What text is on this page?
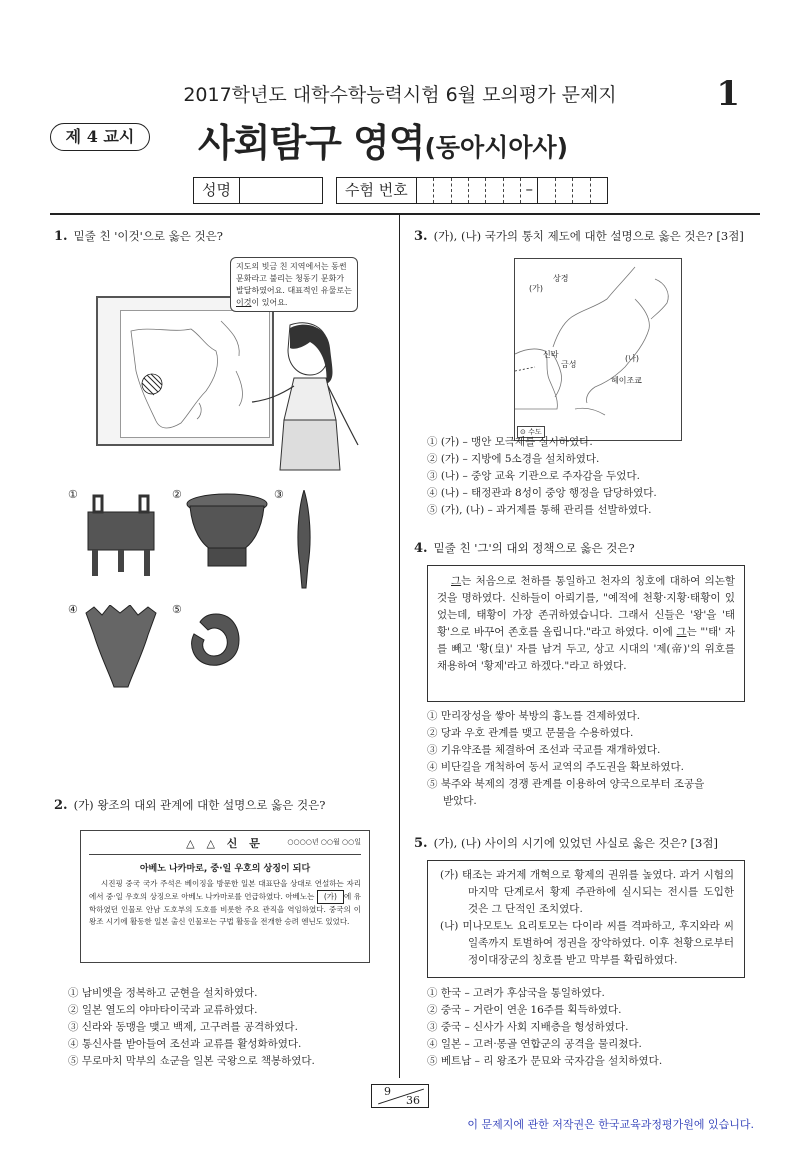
2017학년도 대학수학능력시험 6월 모의평가 문제지	1
제 4 교시	사회탐구 영역(동아시아사)
성명	수험 번호	–
1. 밑줄 친 '이것'으로 옳은 것은?
지도의 빗금 친 지역에서는 동썬 문화라고 불리는 청동기 문화가 발달하였어요. 대표적인 유물로는 이것이 있어요.
①	②	③
④	⑤
2. (가) 왕조의 대외 관계에 대한 설명으로 옳은 것은?
△ △ 신 문	○○○○년 ○○월 ○○일
아베노 나카마로, 중·일 우호의 상징이 되다
시진핑 중국 국가 주석은 베이징을 방문한 일본 대표단을 상대로 연설하는 자리에서 중·일 우호의 상징으로 아베노 나카마로를 언급하였다. 아베노는 (가) 에 유학하였던 인물로 안남 도호부의 도호를 비롯한 주요 관직을 역임하였다. 중국의 이 왕조 시기에 활동한 일본 출신 인물로는 구법 활동을 전개한 승려 엔닌도 있었다.
① 남비엣을 정복하고 군현을 설치하였다.
② 일본 열도의 야마타이국과 교류하였다.
③ 신라와 동맹을 맺고 백제, 고구려를 공격하였다.
④ 통신사를 받아들여 조선과 교류를 활성화하였다.
⑤ 무로마치 막부의 쇼군을 일본 국왕으로 책봉하였다.
3. (가), (나) 국가의 통치 제도에 대한 설명으로 옳은 것은? [3점]
(가)
상경
신라
금성
(나)
헤이조쿄
⊙ 수도
① (가) – 맹안 모극제를 실시하였다.
② (가) – 지방에 5소경을 설치하였다.
③ (나) – 중앙 교육 기관으로 주자감을 두었다.
④ (나) – 태정관과 8성이 중앙 행정을 담당하였다.
⑤ (가), (나) – 과거제를 통해 관리를 선발하였다.
4. 밑줄 친 '그'의 대외 정책으로 옳은 것은?
그는 처음으로 천하를 통일하고 천자의 칭호에 대하여 의논할 것을 명하였다. 신하들이 아뢰기를, "예적에 천황·지황·태황이 있었는데, 태황이 가장 존귀하였습니다. 그래서 신들은 '왕'을 '태황'으로 바꾸어 존호를 올립니다."라고 하였다. 이에 그는 "'태' 자를 빼고 '황(皇)' 자를 남겨 두고, 상고 시대의 '제(帝)'의 위호를 채용하여 '황제'라고 하겠다."라고 하였다.
① 만리장성을 쌓아 북방의 흉노를 견제하였다.
② 당과 우호 관계를 맺고 문물을 수용하였다.
③ 기유약조를 체결하여 조선과 국교를 재개하였다.
④ 비단길을 개척하여 동서 교역의 주도권을 확보하였다.
⑤ 북주와 북제의 경쟁 관계를 이용하여 양국으로부터 조공을
받았다.
5. (가), (나) 사이의 시기에 있었던 사실로 옳은 것은? [3점]
(가) 태조는 과거제 개혁으로 황제의 권위를 높였다. 과거 시험의 마지막 단계로서 황제 주관하에 실시되는 전시를 도입한 것은 그 단적인 조치였다.
(나) 미나모토노 요리토모는 다이라 씨를 격파하고, 후지와라 씨 일족까지 토벌하여 정권을 장악하였다. 이후 천황으로부터 정이대장군의 칭호를 받고 막부를 확립하였다.
① 한국 – 고려가 후삼국을 통일하였다.
② 중국 – 거란이 연운 16주를 획득하였다.
③ 중국 – 신사가 사회 지배층을 형성하였다.
④ 일본 – 고려·몽골 연합군의 공격을 물리쳤다.
⑤ 베트남 – 리 왕조가 문묘와 국자감을 설치하였다.
9
36
이 문제지에 관한 저작권은 한국교육과정평가원에 있습니다.
